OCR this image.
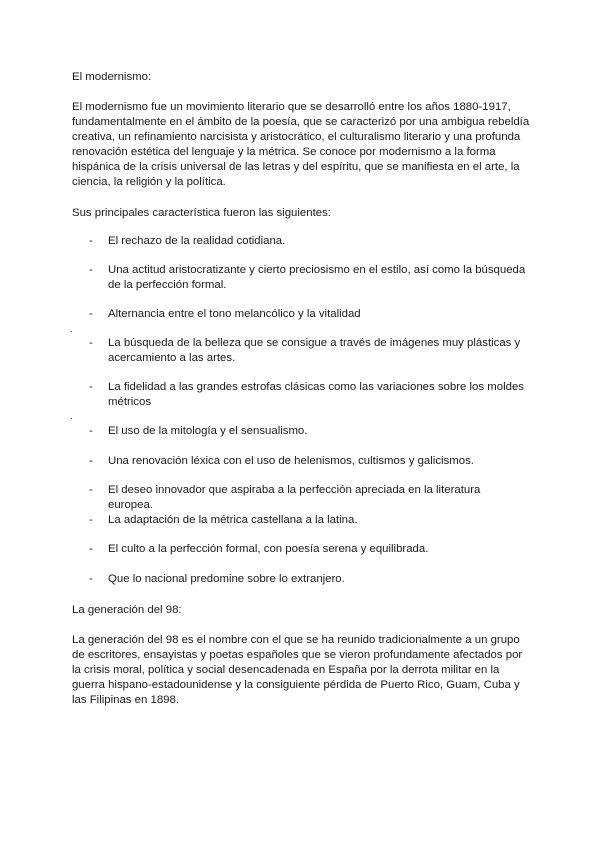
El modernismo:

El modernismo fue un movimiento literario que se desarrolló entre los años 1880-1917, fundamentalmente en el ámbito de la poesía, que se caracterizó por una ambigua rebeldía creativa, un refinamiento narcisista y aristocrático, el culturalismo literario y una profunda renovación estética del lenguaje y la métrica. Se conoce por modernismo a la forma hispánica de la crisis universal de las letras y del espíritu, que se manifiesta en el arte, la ciencia, la religión y la política.

Sus principales característica fueron las siguientes:

- El rechazo de la realidad cotidiana.
- Una actitud aristocratizante y cierto preciosismo en el estilo, así como la búsqueda de la perfección formal.
- Alternancia entre el tono melancólico y la vitalidad
.
- La búsqueda de la belleza que se consigue a través de imágenes muy plásticas y acercamiento a las artes.
- La fidelidad a las grandes estrofas clásicas como las variaciones sobre los moldes métricos
.
- El uso de la mitología y el sensualismo.
- Una renovación léxica con el uso de helenismos, cultismos y galicismos.
- El deseo innovador que aspiraba a la perfección apreciada en la literatura europea.
- La adaptación de la métrica castellana a la latina.
- El culto a la perfección formal, con poesía serena y equilibrada.
- Que lo nacional predomine sobre lo extranjero.

La generación del 98:

La generación del 98 es el nombre con el que se ha reunido tradicionalmente a un grupo de escritores, ensayistas y poetas españoles que se vieron profundamente afectados por la crisis moral, política y social desencadenada en España por la derrota militar en la guerra hispano-estadounidense y la consiguiente pérdida de Puerto Rico, Guam, Cuba y las Filipinas en 1898.
